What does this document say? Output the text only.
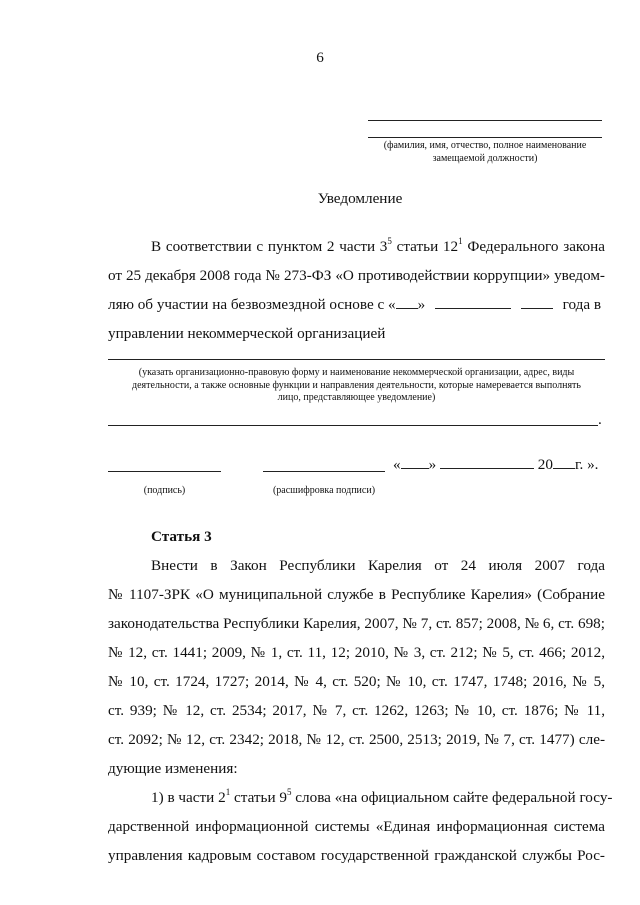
6
(фамилия, имя, отчество, полное наименование
замещаемой должности)
Уведомление
В соответствии с пунктом 2 части $3^5$ статьи $12^1$ Федерального закона
от 25 декабря 2008 года № 273-ФЗ «О противодействии коррупции» уведом-
ляю об участии на безвозмездной основе с « »	года в
управлении некоммерческой организацией
(указать организационно-правовую форму и наименование некоммерческой организации, адрес, виды
деятельности, а также основные функции и направления деятельности, которые намеревается выполнять
лицо, представляющее уведомление)
.
« »	20 г. ».
(подпись)	(расшифровка подписи)
Статья 3
Внести в Закон Республики Карелия от 24 июля 2007 года
№ 1107-ЗРК «О муниципальной службе в Республике Карелия» (Собрание
законодательства Республики Карелия, 2007, № 7, ст. 857; 2008, № 6, ст. 698;
№ 12, ст. 1441; 2009, № 1, ст. 11, 12; 2010, № 3, ст. 212; № 5, ст. 466; 2012,
№ 10, ст. 1724, 1727; 2014, № 4, ст. 520; № 10, ст. 1747, 1748; 2016, № 5,
ст. 939; № 12, ст. 2534; 2017, № 7, ст. 1262, 1263; № 10, ст. 1876; № 11,
ст. 2092; № 12, ст. 2342; 2018, № 12, ст. 2500, 2513; 2019, № 7, ст. 1477) сле-
дующие изменения:
1) в части $2^1$ статьи $9^5$ слова «на официальном сайте федеральной госу-
дарственной информационной системы «Единая информационная система
управления кадровым составом государственной гражданской службы Рос-
